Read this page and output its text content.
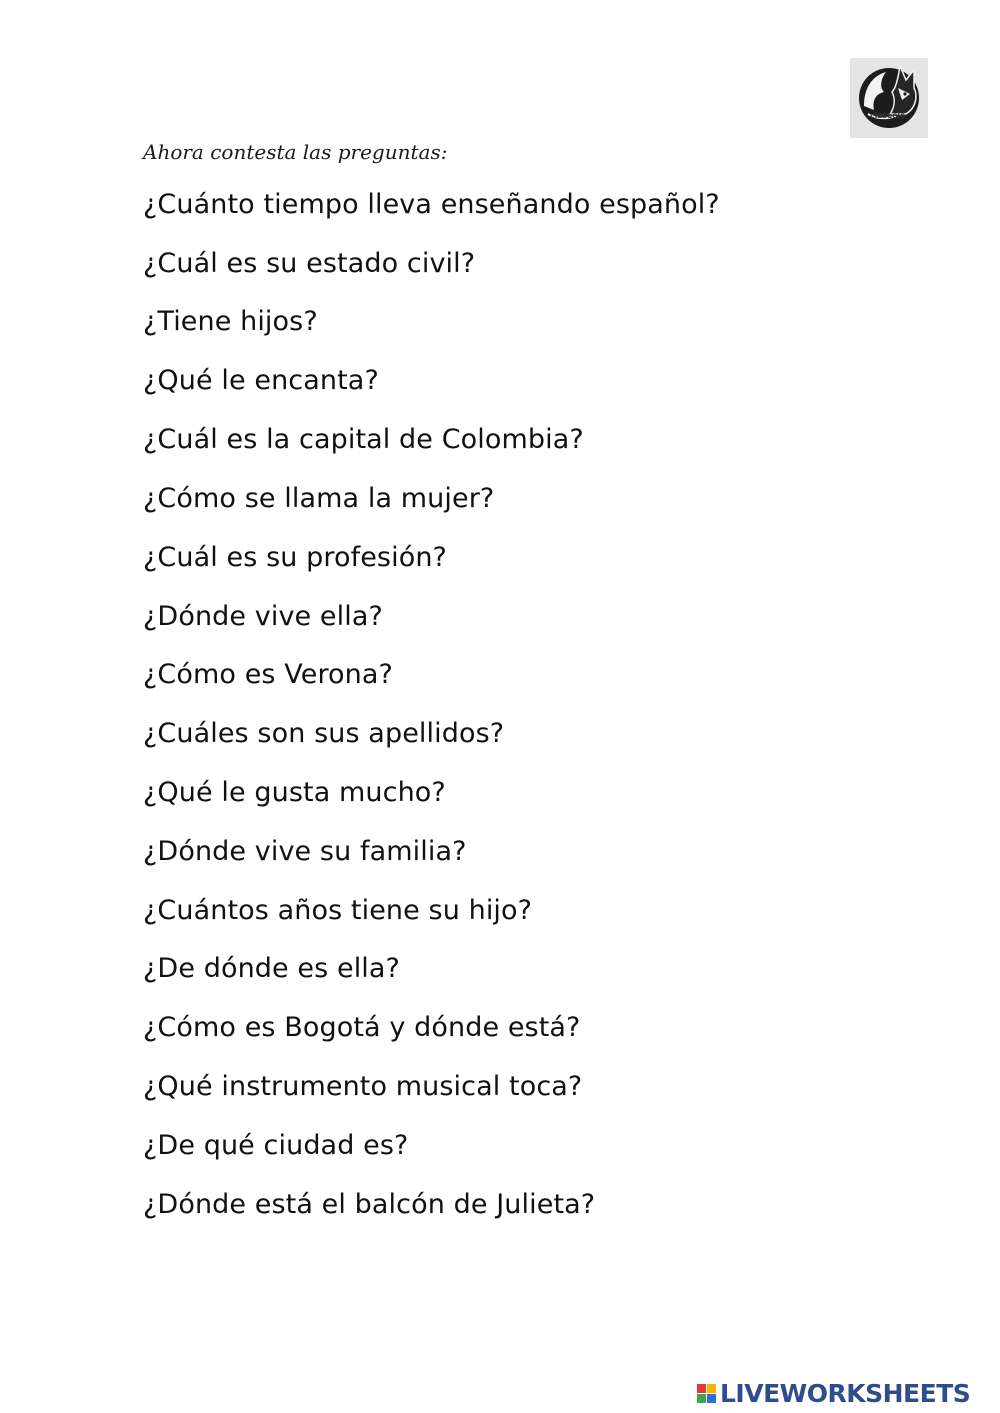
claseele
Ahora contesta las preguntas:
¿Cuánto tiempo lleva enseñando español?
¿Cuál es su estado civil?
¿Tiene hijos?
¿Qué le encanta?
¿Cuál es la capital de Colombia?
¿Cómo se llama la mujer?
¿Cuál es su profesión?
¿Dónde vive ella?
¿Cómo es Verona?
¿Cuáles son sus apellidos?
¿Qué le gusta mucho?
¿Dónde vive su familia?
¿Cuántos años tiene su hijo?
¿De dónde es ella?
¿Cómo es Bogotá y dónde está?
¿Qué instrumento musical toca?
¿De qué ciudad es?
¿Dónde está el balcón de Julieta?
LIVEWORKSHEETS
